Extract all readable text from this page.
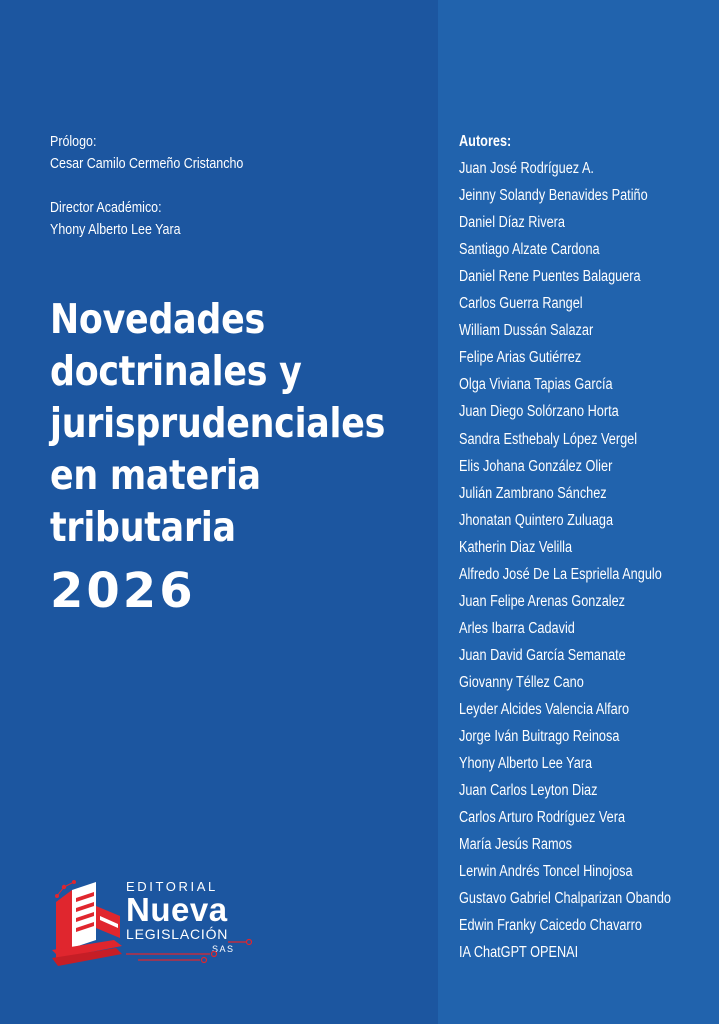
Prólogo:
Cesar Camilo Cermeño Cristancho
Director Académico:
Yhony Alberto Lee Yara
Novedades
doctrinales y
jurisprudenciales
en materia
tributaria
2026
Autores:
Juan José Rodríguez A.
Jeinny Solandy Benavides Patiño
Daniel Díaz Rivera
Santiago Alzate Cardona
Daniel Rene Puentes Balaguera
Carlos Guerra Rangel
William Dussán Salazar
Felipe Arias Gutiérrez
Olga Viviana Tapias García
Juan Diego Solórzano Horta
Sandra Esthebaly López Vergel
Elis Johana González Olier
Julián Zambrano Sánchez
Jhonatan Quintero Zuluaga
Katherin Diaz Velilla
Alfredo José De La Espriella Angulo
Juan Felipe Arenas Gonzalez
Arles Ibarra Cadavid
Juan David García Semanate
Giovanny Téllez Cano
Leyder Alcides Valencia Alfaro
Jorge Iván Buitrago Reinosa
Yhony Alberto Lee Yara
Juan Carlos Leyton Diaz
Carlos Arturo Rodríguez Vera
María Jesús Ramos
Lerwin Andrés Toncel Hinojosa
Gustavo Gabriel Chalparizan Obando
Edwin Franky Caicedo Chavarro
IA ChatGPT OPENAI
EDITORIAL
Nueva
LEGISLACIÓN
SAS
